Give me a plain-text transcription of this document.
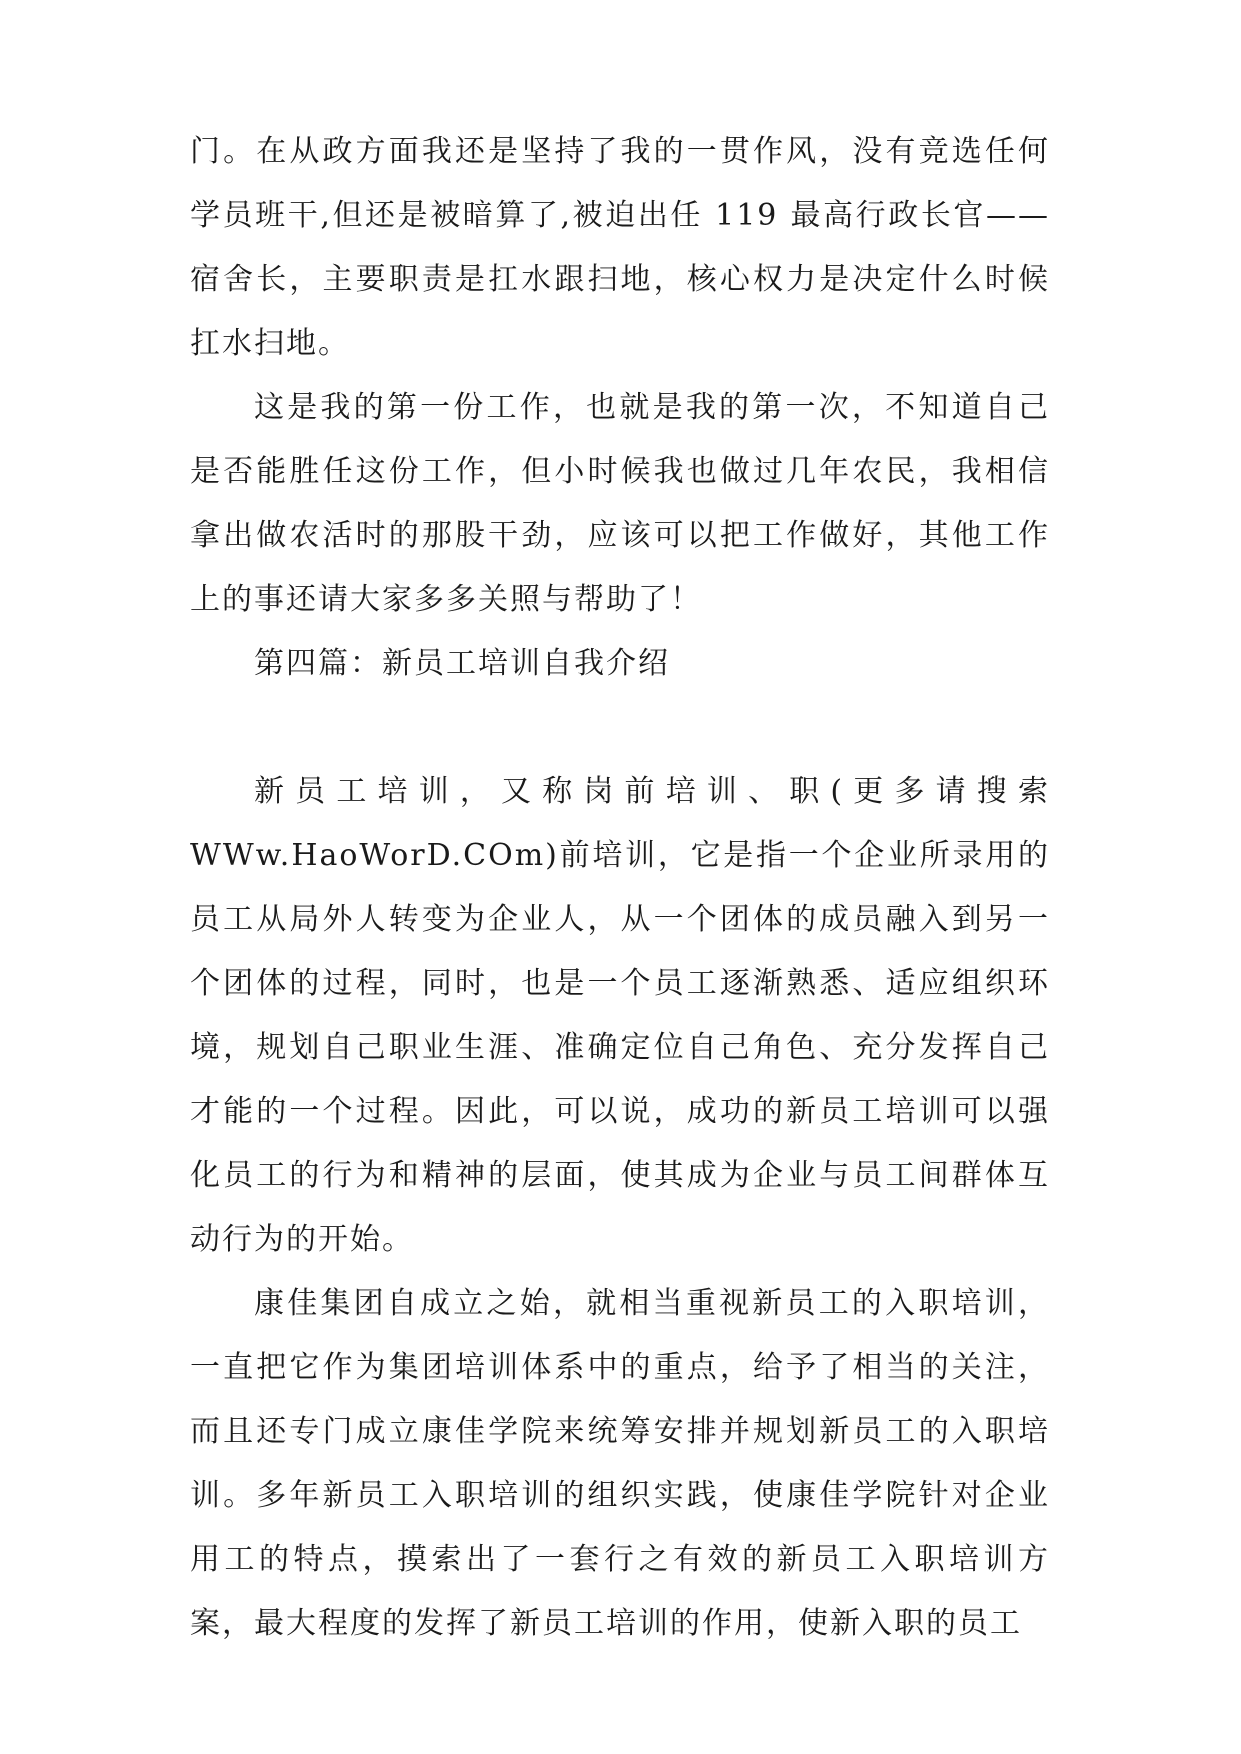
门。在从政方面我还是坚持了我的一贯作风，没有竞选任何学员班干,但还是被暗算了,被迫出任 119 最高行政长官——宿舍长，主要职责是扛水跟扫地，核心权力是决定什么时候扛水扫地。

这是我的第一份工作，也就是我的第一次，不知道自己是否能胜任这份工作，但小时候我也做过几年农民，我相信拿出做农活时的那股干劲，应该可以把工作做好，其他工作上的事还请大家多多关照与帮助了！

第四篇：新员工培训自我介绍

新员工培训，又称岗前培训、职(更多请搜索WWw.HaoWorD.COm)前培训，它是指一个企业所录用的员工从局外人转变为企业人，从一个团体的成员融入到另一个团体的过程，同时，也是一个员工逐渐熟悉、适应组织环境，规划自己职业生涯、准确定位自己角色、充分发挥自己才能的一个过程。因此，可以说，成功的新员工培训可以强化员工的行为和精神的层面，使其成为企业与员工间群体互动行为的开始。

康佳集团自成立之始，就相当重视新员工的入职培训，一直把它作为集团培训体系中的重点，给予了相当的关注，而且还专门成立康佳学院来统筹安排并规划新员工的入职培训。多年新员工入职培训的组织实践，使康佳学院针对企业用工的特点，摸索出了一套行之有效的新员工入职培训方案，最大程度的发挥了新员工培训的作用，使新入职的员工
